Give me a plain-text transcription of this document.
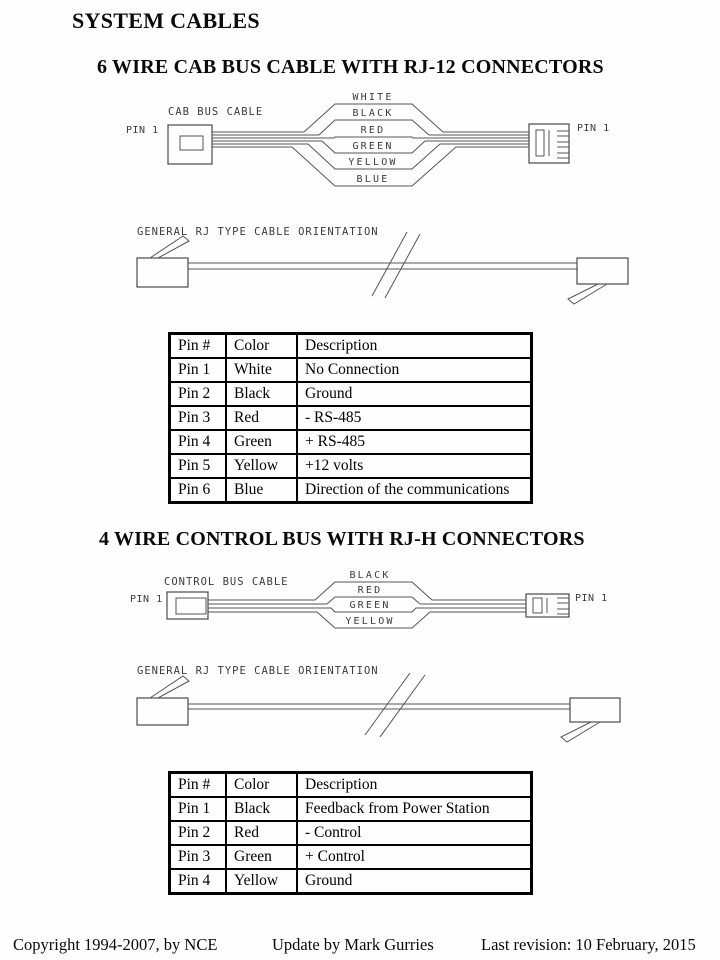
SYSTEM CABLES
6 WIRE CAB BUS CABLE WITH RJ-12 CONNECTORS
CAB BUS CABLE
PIN 1	PIN 1
WHITE
BLACK
RED
GREEN
YELLOW
BLUE
GENERAL RJ TYPE CABLE ORIENTATION
Pin #	Color	Description
Pin 1	White	No Connection
Pin 2	Black	Ground
Pin 3	Red	- RS-485
Pin 4	Green	+ RS-485
Pin 5	Yellow	+12 volts
Pin 6	Blue	Direction of the communications
4 WIRE CONTROL BUS WITH RJ-H CONNECTORS
CONTROL BUS CABLE
PIN 1	PIN 1
BLACK
RED
GREEN
YELLOW
GENERAL RJ TYPE CABLE ORIENTATION
Pin #	Color	Description
Pin 1	Black	Feedback from Power Station
Pin 2	Red	- Control
Pin 3	Green	+ Control
Pin 4	Yellow	Ground
Copyright 1994-2007, by NCE	Update by Mark Gurries	Last revision: 10 February, 2015
